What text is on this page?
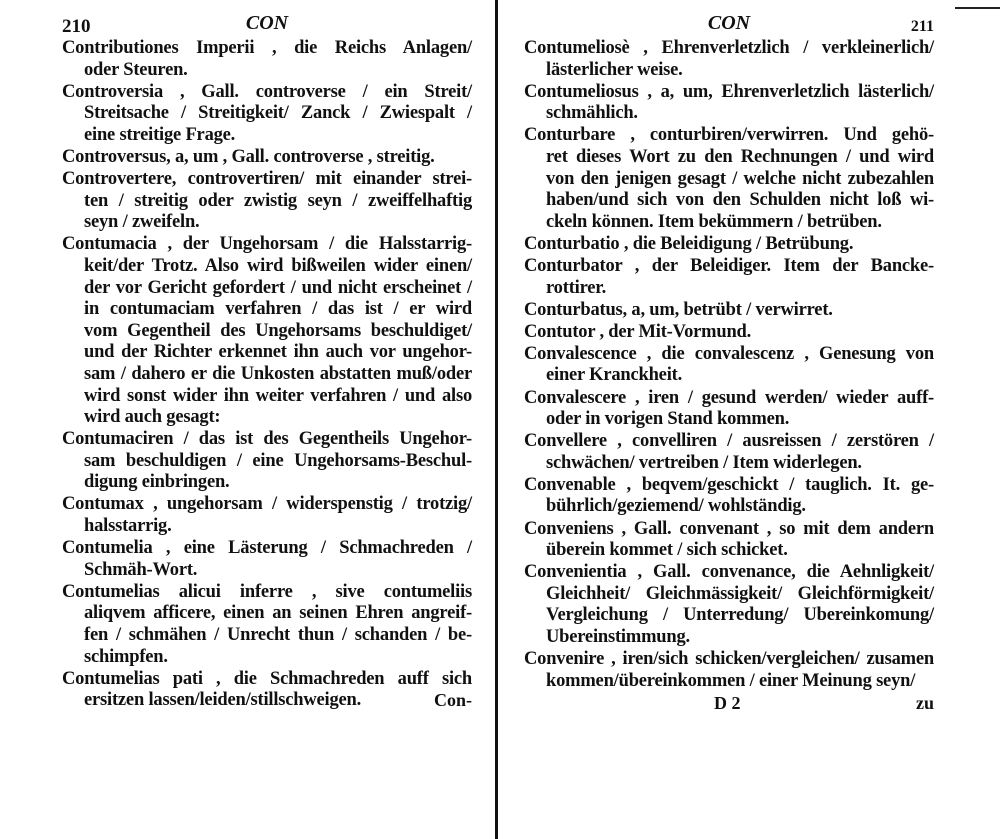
210	CON
Contributiones Imperii , die Reichs Anlagen/
oder Steuren.
Controversia , Gall. controverse / ein Streit/
Streitsache / Streitigkeit/ Zanck / Zwiespalt /
eine streitige Frage.
Controversus, a, um , Gall. controverse , streitig.
Controvertere, controvertiren/ mit einander strei-
ten / streitig oder zwistig seyn / zweiffelhaftig
seyn / zweifeln.
Contumacia , der Ungehorsam / die Halsstarrig-
keit/der Trotz. Also wird bißweilen wider einen/
der vor Gericht gefordert / und nicht erscheinet /
in contumaciam verfahren / das ist / er wird
vom Gegentheil des Ungehorsams beschuldiget/
und der Richter erkennet ihn auch vor ungehor-
sam / dahero er die Unkosten abstatten muß/oder
wird sonst wider ihn weiter verfahren / und also
wird auch gesagt:
Contumaciren / das ist des Gegentheils Ungehor-
sam beschuldigen / eine Ungehorsams-Beschul-
digung einbringen.
Contumax , ungehorsam / widerspenstig / trotzig/
halsstarrig.
Contumelia , eine Lästerung / Schmachreden /
Schmäh-Wort.
Contumelias alicui inferre , sive contumeliis
aliqvem afficere, einen an seinen Ehren angreif-
fen / schmähen / Unrecht thun / schanden / be-
schimpfen.
Contumelias pati , die Schmachreden auff sich
ersitzen lassen/leiden/stillschweigen.	Con-
CON	211
Contumeliosè , Ehrenverletzlich / verkleinerlich/
lästerlicher weise.
Contumeliosus , a, um, Ehrenverletzlich lästerlich/
schmählich.
Conturbare , conturbiren/verwirren. Und gehö-
ret dieses Wort zu den Rechnungen / und wird
von den jenigen gesagt / welche nicht zubezahlen
haben/und sich von den Schulden nicht loß wi-
ckeln können. Item bekümmern / betrüben.
Conturbatio , die Beleidigung / Betrübung.
Conturbator , der Beleidiger. Item der Bancke-
rottirer.
Conturbatus, a, um, betrübt / verwirret.
Contutor , der Mit-Vormund.
Convalescence , die convalescenz , Genesung von
einer Kranckheit.
Convalescere , iren / gesund werden/ wieder auff-
oder in vorigen Stand kommen.
Convellere , convelliren / ausreissen / zerstören /
schwächen/ vertreiben / Item widerlegen.
Convenable , beqvem/geschickt / tauglich. It. ge-
bührlich/geziemend/ wohlständig.
Conveniens , Gall. convenant , so mit dem andern
überein kommet / sich schicket.
Convenientia , Gall. convenance, die Aehnligkeit/
Gleichheit/ Gleichmässigkeit/ Gleichförmigkeit/
Vergleichung / Unterredung/ Ubereinkomung/
Ubereinstimmung.
Convenire , iren/sich schicken/vergleichen/ zusamen
kommen/übereinkommen / einer Meinung seyn/
D 2	zu
